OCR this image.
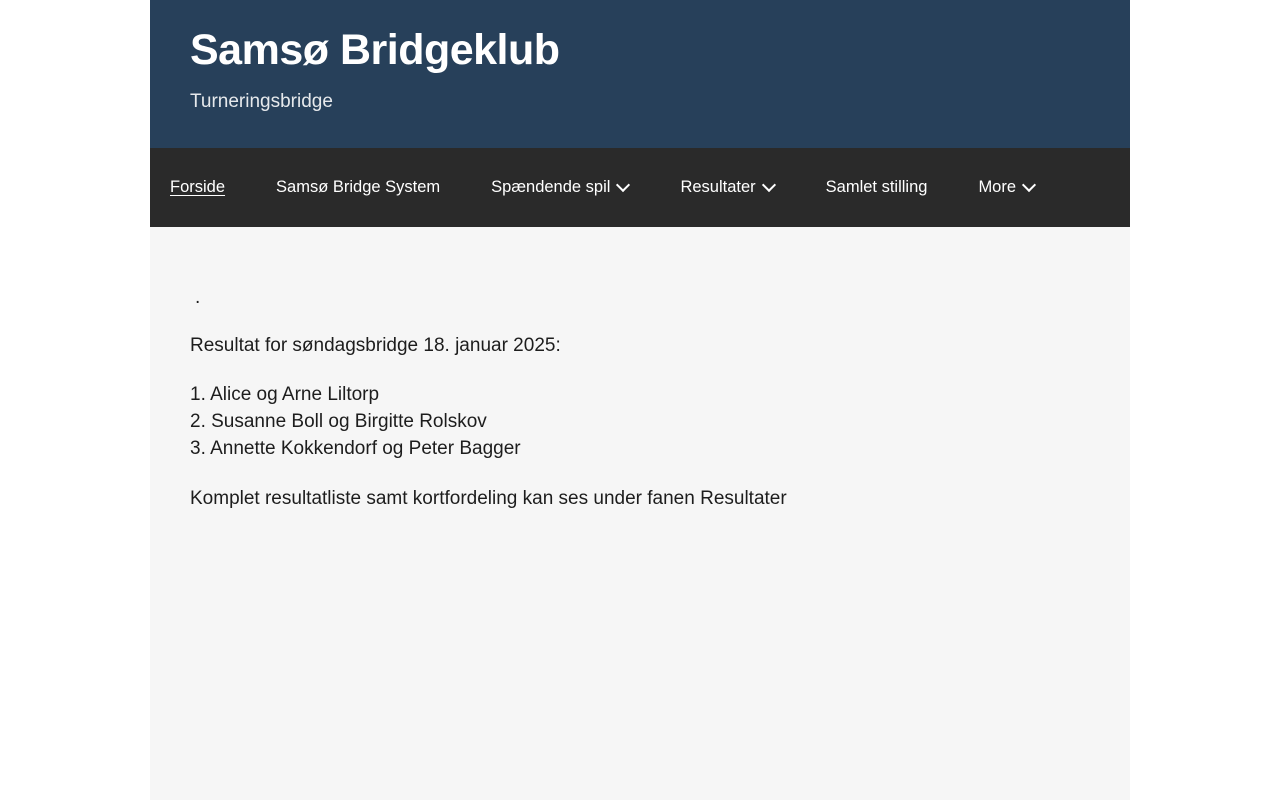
Samsø Bridgeklub

Turneringsbridge

Forside	Samsø Bridge System	Spændende spil	Resultater	Samlet stilling	More
.

Resultat for søndagsbridge 18. januar 2025:

1. Alice og Arne Liltorp
2. Susanne Boll og Birgitte Rolskov
3. Annette Kokkendorf og Peter Bagger

Komplet resultatliste samt kortfordeling kan ses under fanen Resultater
